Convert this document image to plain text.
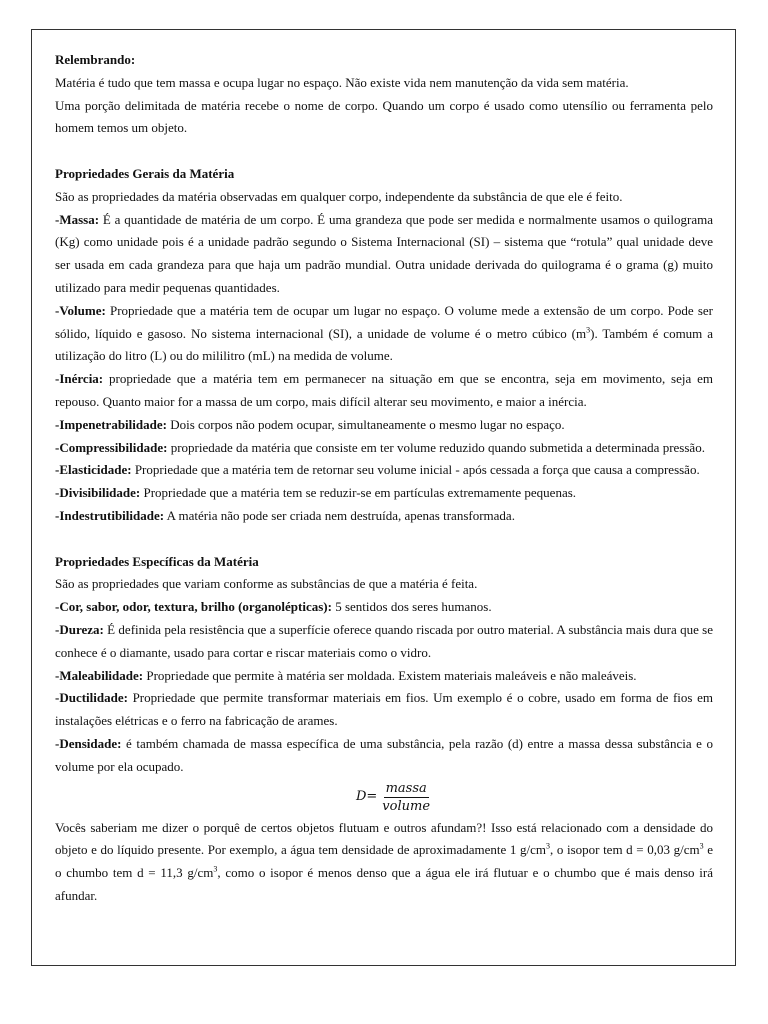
Relembrando:

Matéria é tudo que tem massa e ocupa lugar no espaço. Não existe vida nem manutenção da vida sem matéria.

Uma porção delimitada de matéria recebe o nome de corpo. Quando um corpo é usado como utensílio ou ferramenta pelo homem temos um objeto.

Propriedades Gerais da Matéria

São as propriedades da matéria observadas em qualquer corpo, independente da substância de que ele é feito.

-Massa: É a quantidade de matéria de um corpo. É uma grandeza que pode ser medida e normalmente usamos o quilograma (Kg) como unidade pois é a unidade padrão segundo o Sistema Internacional (SI) – sistema que “rotula” qual unidade deve ser usada em cada grandeza para que haja um padrão mundial. Outra unidade derivada do quilograma é o grama (g) muito utilizado para medir pequenas quantidades.

-Volume: Propriedade que a matéria tem de ocupar um lugar no espaço. O volume mede a extensão de um corpo. Pode ser sólido, líquido e gasoso. No sistema internacional (SI), a unidade de volume é o metro cúbico $(m^3)$. Também é comum a utilização do litro (L) ou do mililitro (mL) na medida de volume.

-Inércia: propriedade que a matéria tem em permanecer na situação em que se encontra, seja em movimento, seja em repouso. Quanto maior for a massa de um corpo, mais difícil alterar seu movimento, e maior a inércia.

-Impenetrabilidade: Dois corpos não podem ocupar, simultaneamente o mesmo lugar no espaço.

-Compressibilidade: propriedade da matéria que consiste em ter volume reduzido quando submetida a determinada pressão.

-Elasticidade: Propriedade que a matéria tem de retornar seu volume inicial - após cessada a força que causa a compressão.

-Divisibilidade: Propriedade que a matéria tem se reduzir-se em partículas extremamente pequenas.

-Indestrutibilidade: A matéria não pode ser criada nem destruída, apenas transformada.

Propriedades Específicas da Matéria

São as propriedades que variam conforme as substâncias de que a matéria é feita.

-Cor, sabor, odor, textura, brilho (organolépticas): 5 sentidos dos seres humanos.

-Dureza: É definida pela resistência que a superfície oferece quando riscada por outro material. A substância mais dura que se conhece é o diamante, usado para cortar e riscar materiais como o vidro.

-Maleabilidade: Propriedade que permite à matéria ser moldada. Existem materiais maleáveis e não maleáveis.

-Ductilidade: Propriedade que permite transformar materiais em fios. Um exemplo é o cobre, usado em forma de fios em instalações elétricas e o ferro na fabricação de arames.

-Densidade: é também chamada de massa específica de uma substância, pela razão (d) entre a massa dessa substância e o volume por ela ocupado.

$D= \frac{\text{massa}}{\text{volume}}$

Vocês saberiam me dizer o porquê de certos objetos flutuam e outros afundam?! Isso está relacionado com a densidade do objeto e do líquido presente. Por exemplo, a água tem densidade de aproximadamente 1 $g/cm^3$, o isopor tem d = 0,03 $g/cm^3$ e o chumbo tem d = 11,3 $g/cm^3$, como o isopor é menos denso que a água ele irá flutuar e o chumbo que é mais denso irá afundar.
